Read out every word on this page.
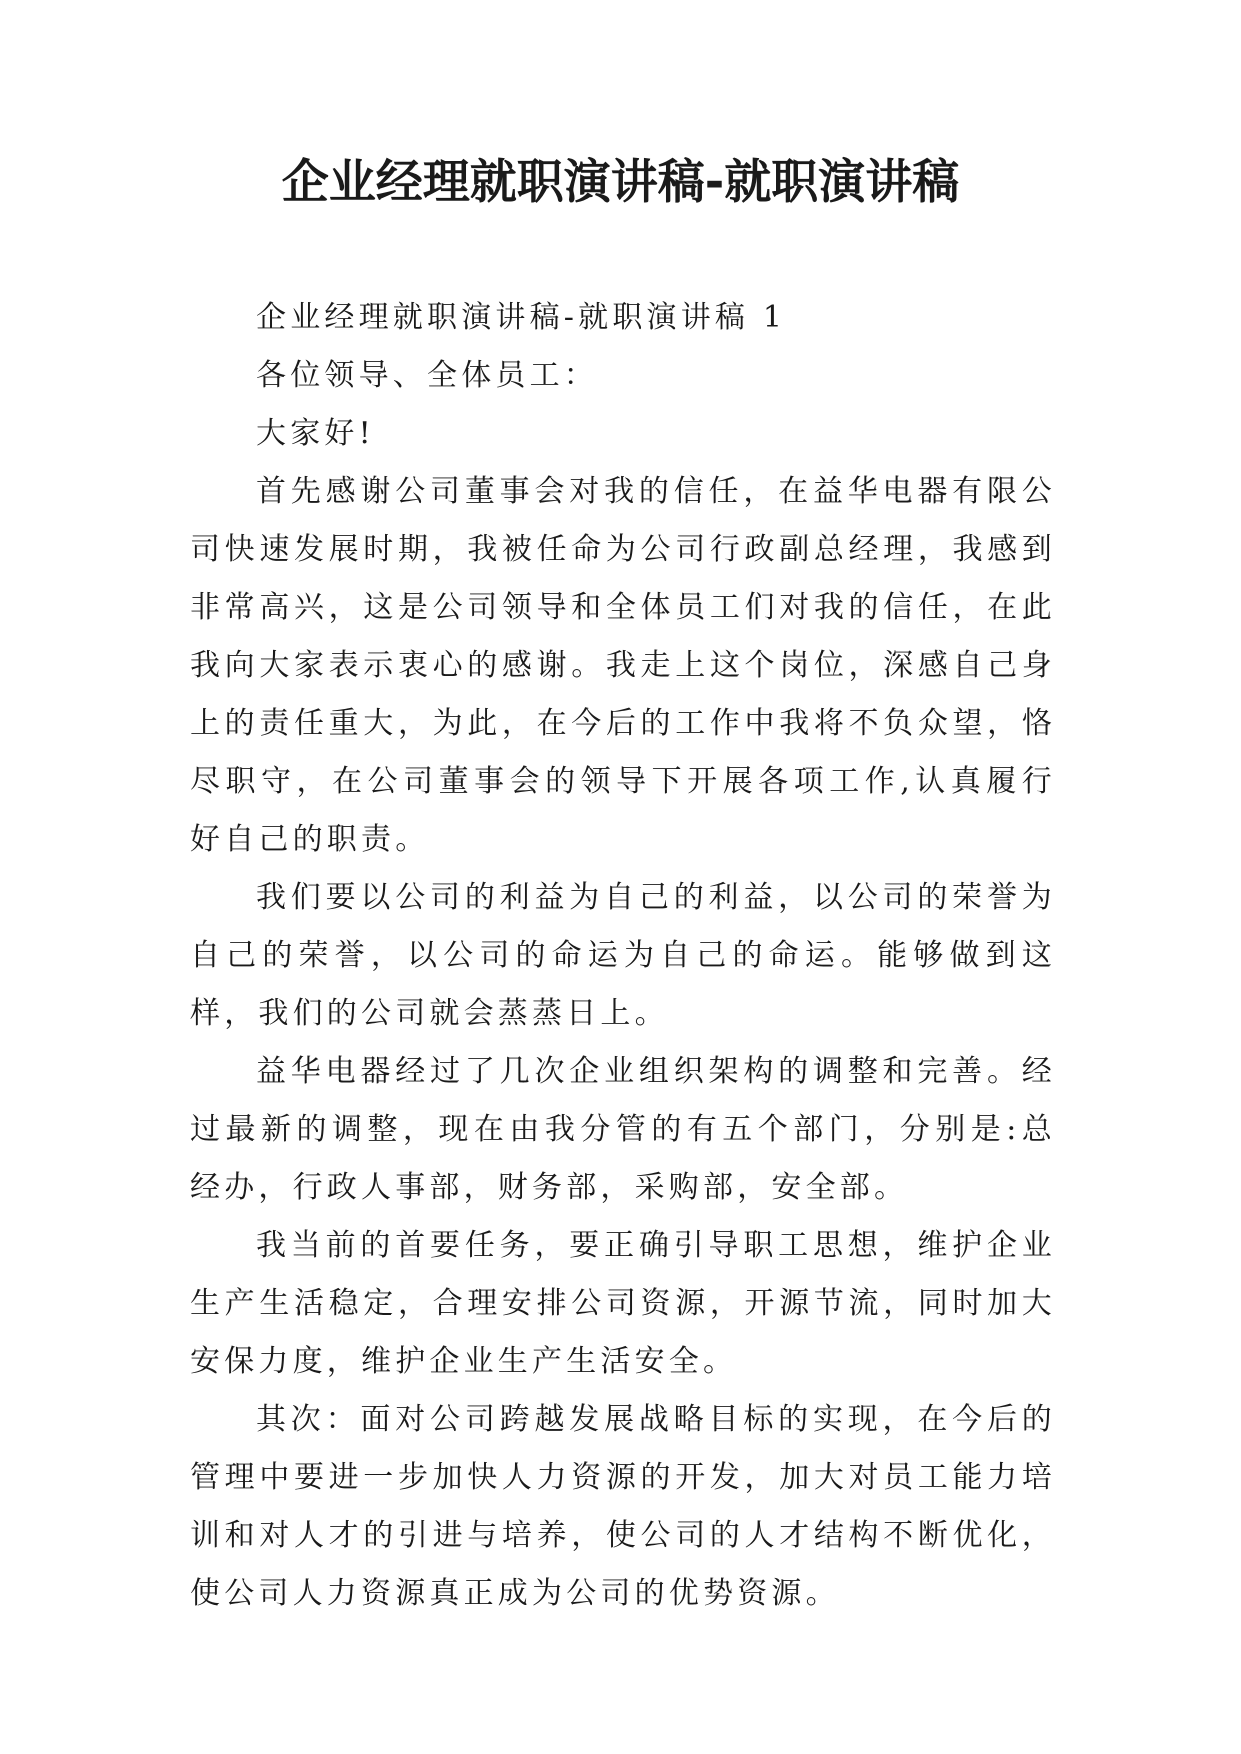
企业经理就职演讲稿-就职演讲稿

企业经理就职演讲稿-就职演讲稿 1

各位领导、全体员工：

大家好!

首先感谢公司董事会对我的信任，在益华电器有限公司快速发展时期，我被任命为公司行政副总经理，我感到非常高兴，这是公司领导和全体员工们对我的信任，在此我向大家表示衷心的感谢。我走上这个岗位，深感自己身上的责任重大，为此，在今后的工作中我将不负众望，恪尽职守，在公司董事会的领导下开展各项工作,认真履行好自己的职责。

我们要以公司的利益为自己的利益，以公司的荣誉为自己的荣誉，以公司的命运为自己的命运。能够做到这样，我们的公司就会蒸蒸日上。

益华电器经过了几次企业组织架构的调整和完善。经过最新的调整，现在由我分管的有五个部门，分别是:总经办，行政人事部，财务部，采购部，安全部。

我当前的首要任务，要正确引导职工思想，维护企业生产生活稳定，合理安排公司资源，开源节流，同时加大安保力度，维护企业生产生活安全。

其次：面对公司跨越发展战略目标的实现，在今后的管理中要进一步加快人力资源的开发，加大对员工能力培训和对人才的引进与培养，使公司的人才结构不断优化，使公司人力资源真正成为公司的优势资源。
